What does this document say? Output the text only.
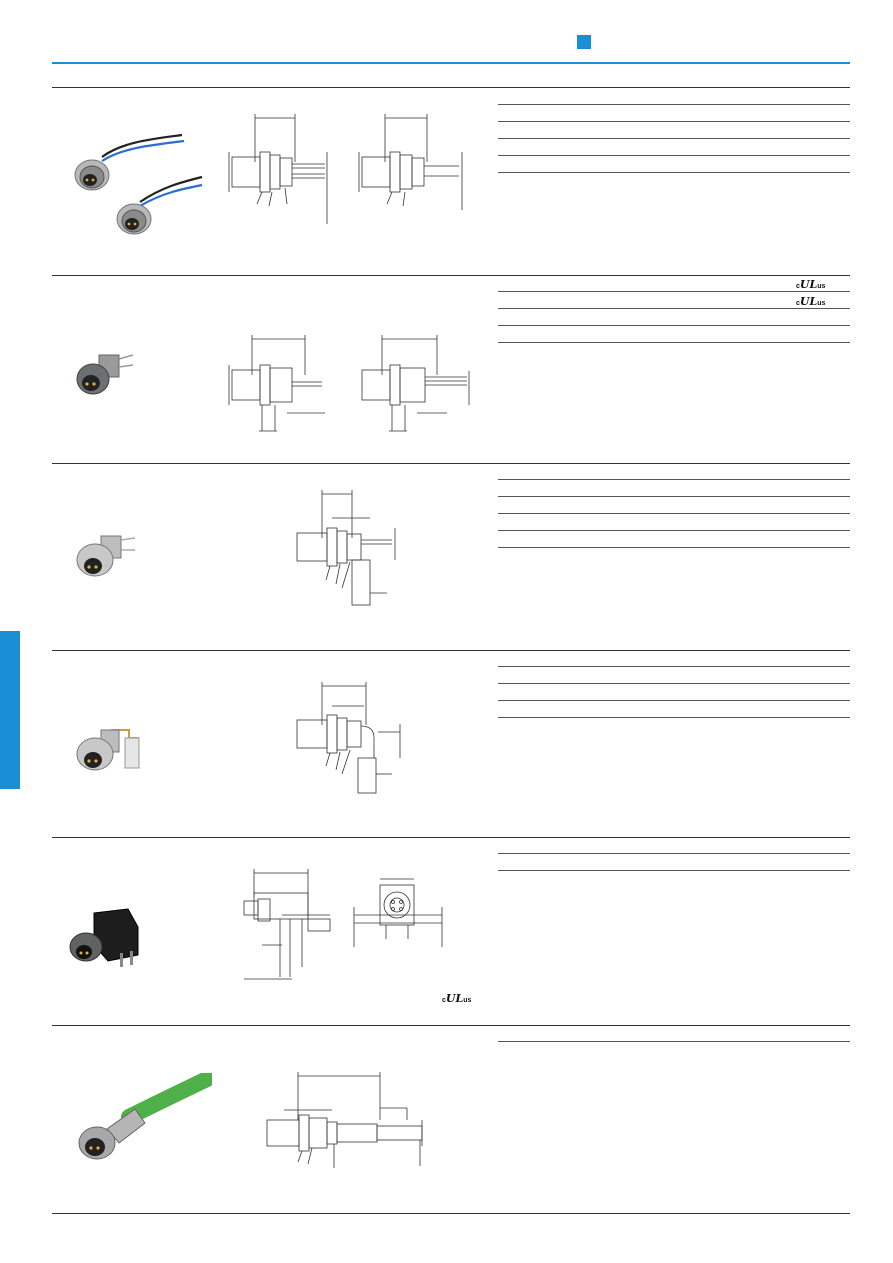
cULus
cULus
cULus
